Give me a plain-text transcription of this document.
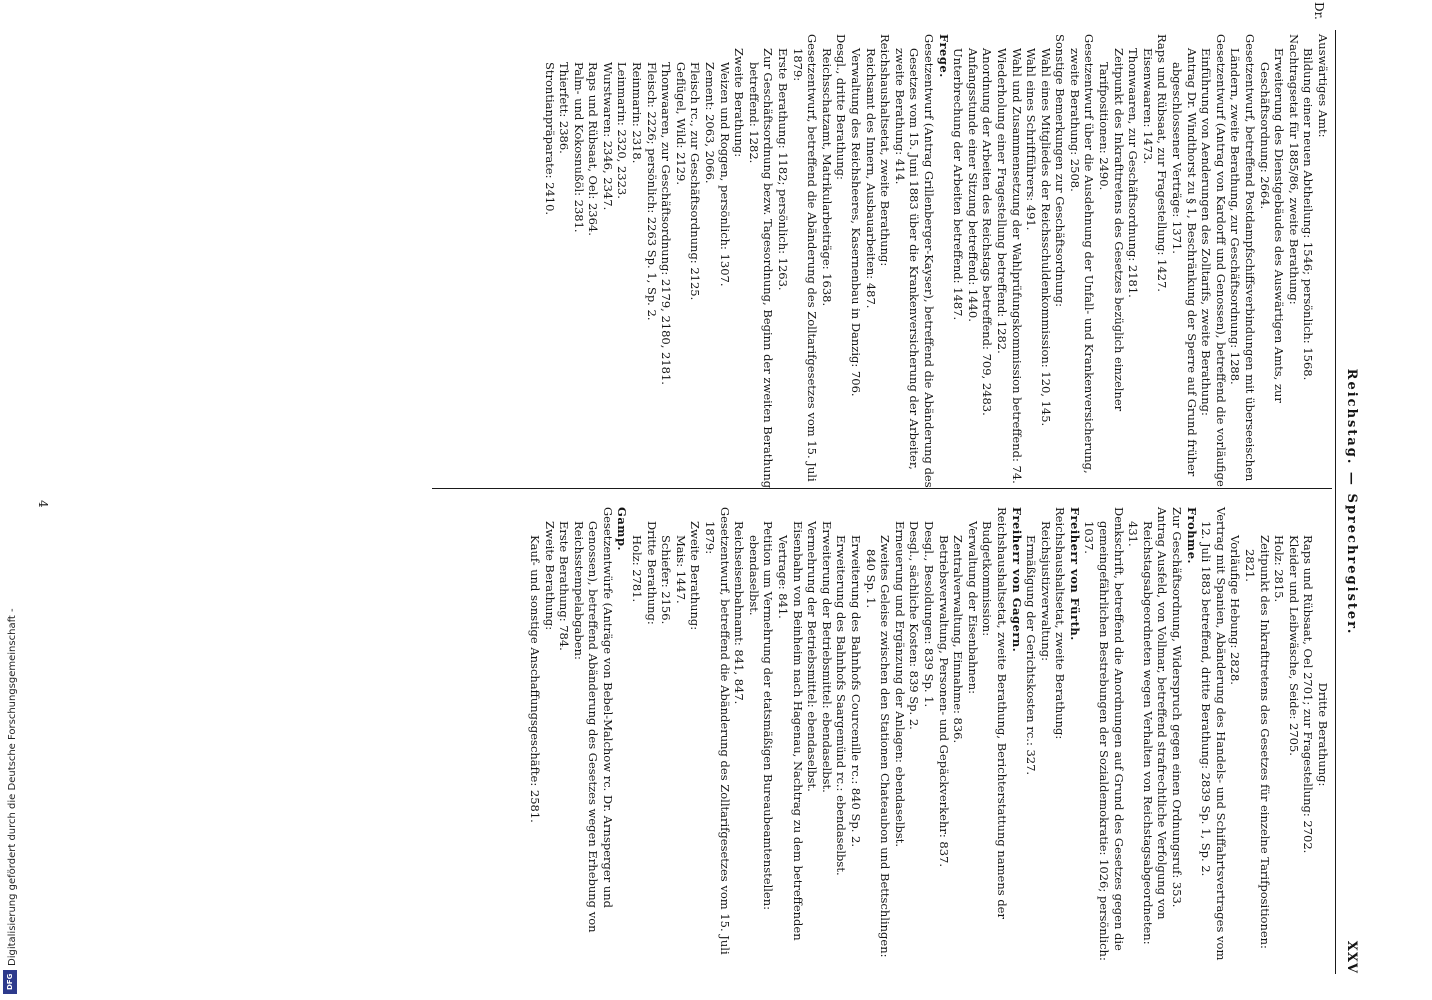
Reichstag. — Sprechregister.
XXV
Dr.

Auswärtiges Amt:

Bildung einer neuen Abtheilung: 1546; persönlich: 1568.

Nachtragsetat für 1885/86, zweite Berathung:

Erweiterung des Dienstgebäudes des Auswärtigen Amts, zur Geschäftsordnung: 2664.

Gesetzentwurf, betreffend Postdampfschiffsverbindungen mit überseeischen Ländern, zweite Berathung, zur Geschäftsordnung: 1288.

Gesetzentwurf (Antrag von Kardorff und Genossen), betreffend die vorläufige Einführung von Aenderungen des Zolltarifs, zweite Berathung:

Antrag Dr. Windthorst zu § 1, Beschränkung der Sperre auf Grund früher abgeschlossener Verträge: 1371.

Raps und Rübsaat, zur Fragestellung: 1427.

Eisenwaaren: 1473.

Thonwaaren, zur Geschäftsordnung: 2181.

Zeitpunkt des Inkrafttretens des Gesetzes bezüglich einzelner Tarifpositionen: 2490.

Gesetzentwurf über die Ausdehnung der Unfall- und Krankenversicherung, zweite Berathung: 2508.

Sonstige Bemerkungen zur Geschäftsordnung:

Wahl eines Mitgliedes der Reichsschuldenkommission: 120, 145.

Wahl eines Schriftführers: 491.

Wahl und Zusammensetzung der Wahlprüfungskommission betreffend: 74.

Wiederholung einer Fragestellung betreffend: 1282.

Anordnung der Arbeiten des Reichstags betreffend: 709, 2483.

Anfangsstunde einer Sitzung betreffend: 1440.

Unterbrechung der Arbeiten betreffend: 1487.

Frege.

Gesetzentwurf (Antrag Grillenberger-Kayser), betreffend die Abänderung des Gesetzes vom 15. Juni 1883 über die Krankenversicherung der Arbeiter, zweite Berathung: 414.

Reichshaushaltsetat, zweite Berathung:

Reichsamt des Innern, Ausbauarbeiten: 487.

Verwaltung des Reichsheeres, Kasernenbau in Danzig: 706.

Desgl., dritte Berathung:

Reichsschatzamt, Matrikularbeiträge: 1638.

Gesetzentwurf, betreffend die Abänderung des Zolltarifgesetzes vom 15. Juli 1879:

Erste Berathung: 1182; persönlich: 1263.

Zur Geschäftsordnung bezw. Tagesordnung, Beginn der zweiten Berathung betreffend: 1282.

Zweite Berathung:

Weizen und Roggen, persönlich: 1307.

Zement: 2063, 2066.

Fleisch rc., zur Geschäftsordnung: 2125.

Geflügel, Wild: 2129.

Thonwaaren, zur Geschäftsordnung: 2179, 2180, 2181.

Fleisch: 2226; persönlich: 2263 Sp. 1, Sp. 2.

Reinmarin: 2318.

Leinmarin: 2320, 2323.

Wurstwaren: 2346, 2347.

Raps und Rübsaat, Oel: 2364.

Palm- und Kokosnußöl: 2381.

Thierfett: 2386.

Strontianpräparate: 2410.

Dritte Berathung:

Raps und Rübsaat, Oel 2701; zur Fragestellung: 2702.

Kleider und Leibwäsche, Seide: 2705.

Holz: 2815.

Zeitpunkt des Inkrafttretens des Gesetzes für einzelne Tarifpositionen: 2821.

Vorläufige Hebung: 2828.

Vertrag mit Spanien, Abänderung des Handels- und Schiffahrtsvertrages vom 12. Juli 1883 betreffend, dritte Berathung: 2839 Sp. 1, Sp. 2.

Frohme.

Zur Geschäftsordnung, Widerspruch gegen einen Ordnungsruf: 353.

Antrag Ausfeld, von Vollmar, betreffend strafrechtliche Verfolgung von Reichstagsabgeordneten wegen Verhalten von Reichstagsabgeordneten: 431.

Denkschrift, betreffend die Anordnungen auf Grund des Gesetzes gegen die gemeingefährlichen Bestrebungen der Sozialdemokratie: 1026; persönlich: 1037.

Freiherr von Fürth.

Reichshaushaltsetat, zweite Berathung:

Reichsjustizverwaltung:

Ermäßigung der Gerichtskosten rc.: 327.

Freiherr von Gagern.

Reichshaushaltsetat, zweite Berathung, Berichterstattung namens der Budgetkommission:

Verwaltung der Eisenbahnen:

Zentralverwaltung, Einnahme: 836.

Betriebsverwaltung, Personen- und Gepäckverkehr: 837.

Desgl., Besoldungen: 839 Sp. 1.

Desgl., sächliche Kosten: 839 Sp. 2.

Erneuerung und Ergänzung der Anlagen: ebendaselbst.

Zweites Geleise zwischen den Stationen Chateaubon und Bettschlingen: 840 Sp. 1.

Erweiterung des Bahnhofs Courcenille rc.: 840 Sp. 2.

Erweiterung des Bahnhofs Saargemünd rc.: ebendaselbst.

Erweiterung der Betriebsmittel: ebendaselbst.

Vermehrung der Betriebsmittel: ebendaselbst.

Eisenbahn von Beinheim nach Hagenau, Nachtrag zu dem betreffenden Vertrage: 841.

Petition um Vermehrung der etatsmäßigen Bureaubeamtenstellen: ebendaselbst.

Reichseisenbahnamt: 841, 847.

Gesetzentwurf, betreffend die Abänderung des Zolltarifgesetzes vom 15. Juli 1879:

Zweite Berathung:

Mais: 1447.

Schiefer: 2156.

Dritte Berathung:

Holz: 2781.

Gamp.

Gesetzentwürfe (Anträge von Bebel-Malchow rc. Dr. Arnsperger und Genossen), betreffend Abänderung des Gesetzes wegen Erhebung von Reichsstempelabgaben:

Erste Berathung: 784.

Zweite Berathung:

Kauf- und sonstige Anschaffungsgeschäfte: 2581.

4
Digitalisierung gefördert durch die Deutsche Forschungsgemeinschaft -
DFG
